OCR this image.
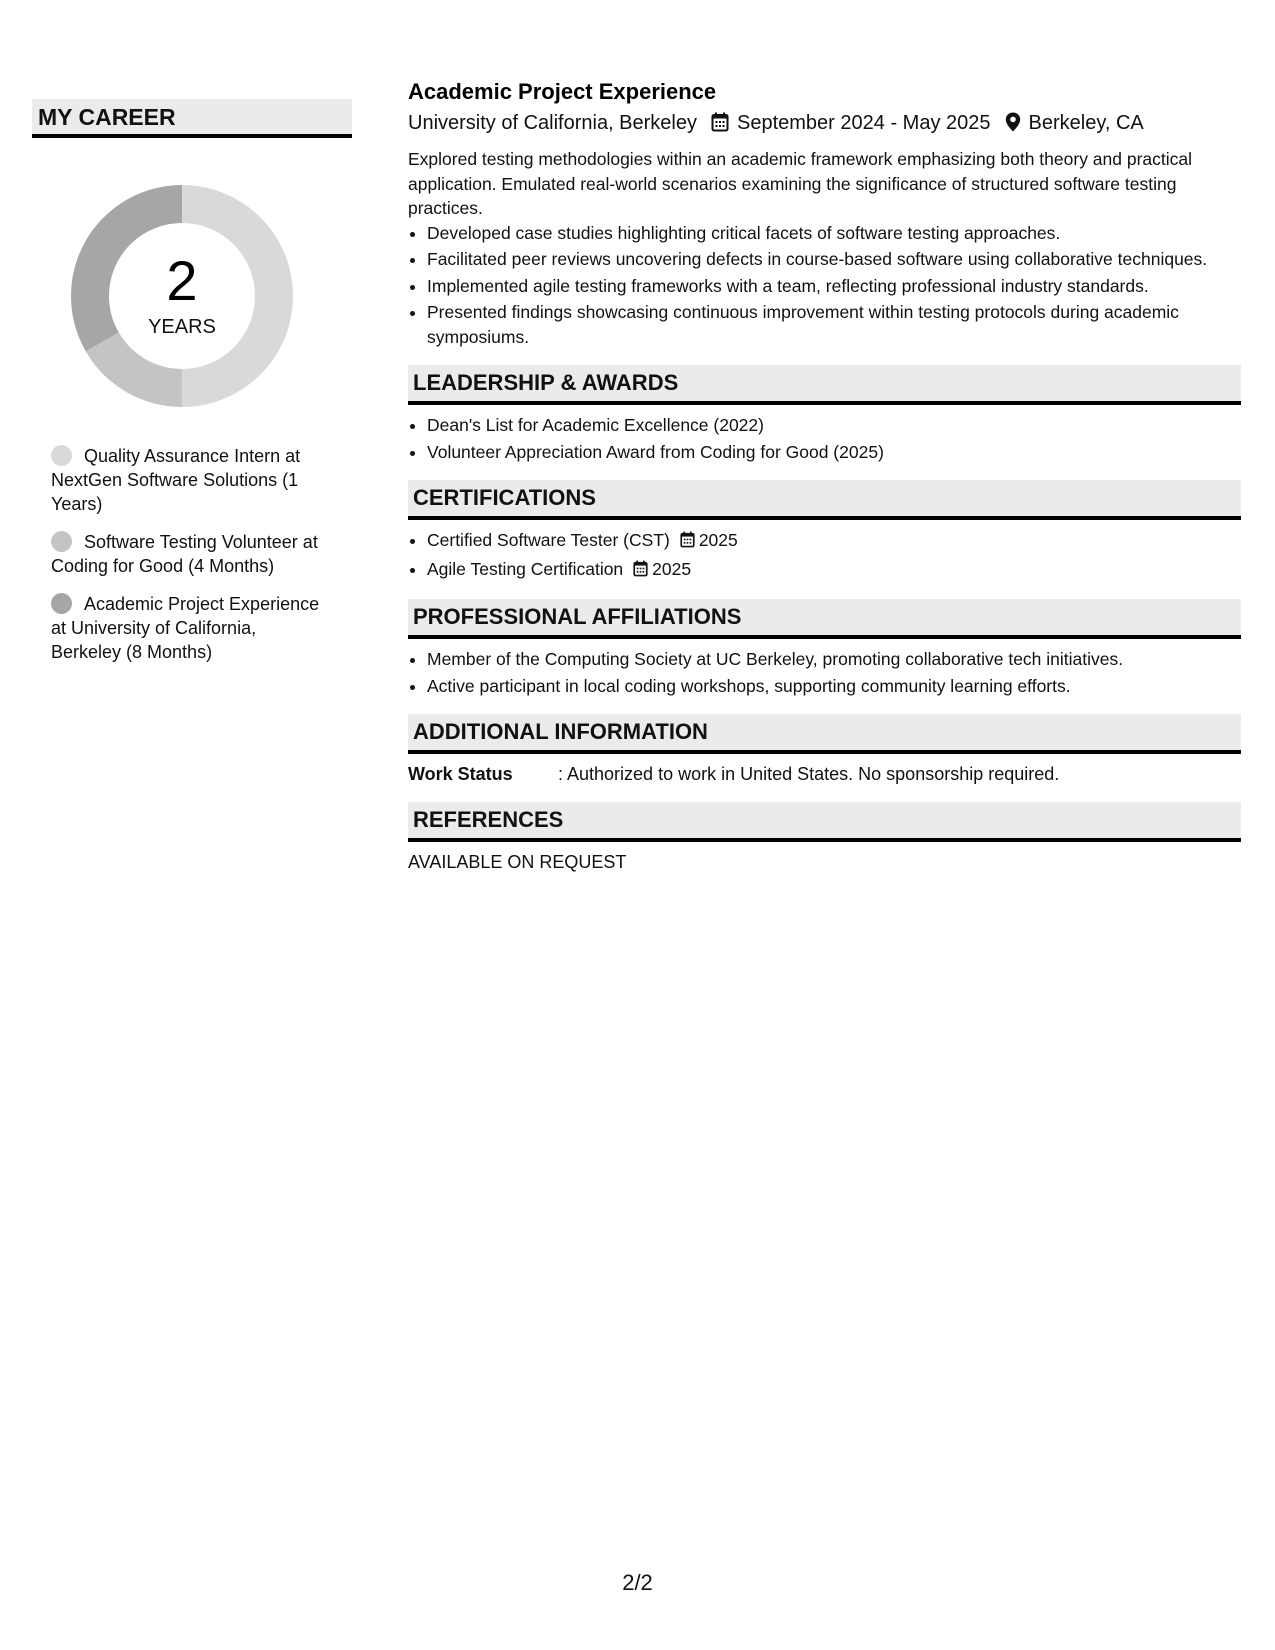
MY CAREER
2
YEARS
Quality Assurance Intern at NextGen Software Solutions (1 Years)
Software Testing Volunteer at Coding for Good (4 Months)
Academic Project Experience at University of California, Berkeley (8 Months)
Academic Project Experience
University of California, Berkeley September 2024 - May 2025 Berkeley, CA
Explored testing methodologies within an academic framework emphasizing both theory and practical application. Emulated real-world scenarios examining the significance of structured software testing practices.
• Developed case studies highlighting critical facets of software testing approaches.
• Facilitated peer reviews uncovering defects in course-based software using collaborative techniques.
• Implemented agile testing frameworks with a team, reflecting professional industry standards.
• Presented findings showcasing continuous improvement within testing protocols during academic symposiums.
LEADERSHIP & AWARDS
• Dean's List for Academic Excellence (2022)
• Volunteer Appreciation Award from Coding for Good (2025)
CERTIFICATIONS
• Certified Software Tester (CST) 2025
• Agile Testing Certification 2025
PROFESSIONAL AFFILIATIONS
• Member of the Computing Society at UC Berkeley, promoting collaborative tech initiatives.
• Active participant in local coding workshops, supporting community learning efforts.
ADDITIONAL INFORMATION
Work Status	: Authorized to work in United States. No sponsorship required.
REFERENCES
AVAILABLE ON REQUEST
2/2
